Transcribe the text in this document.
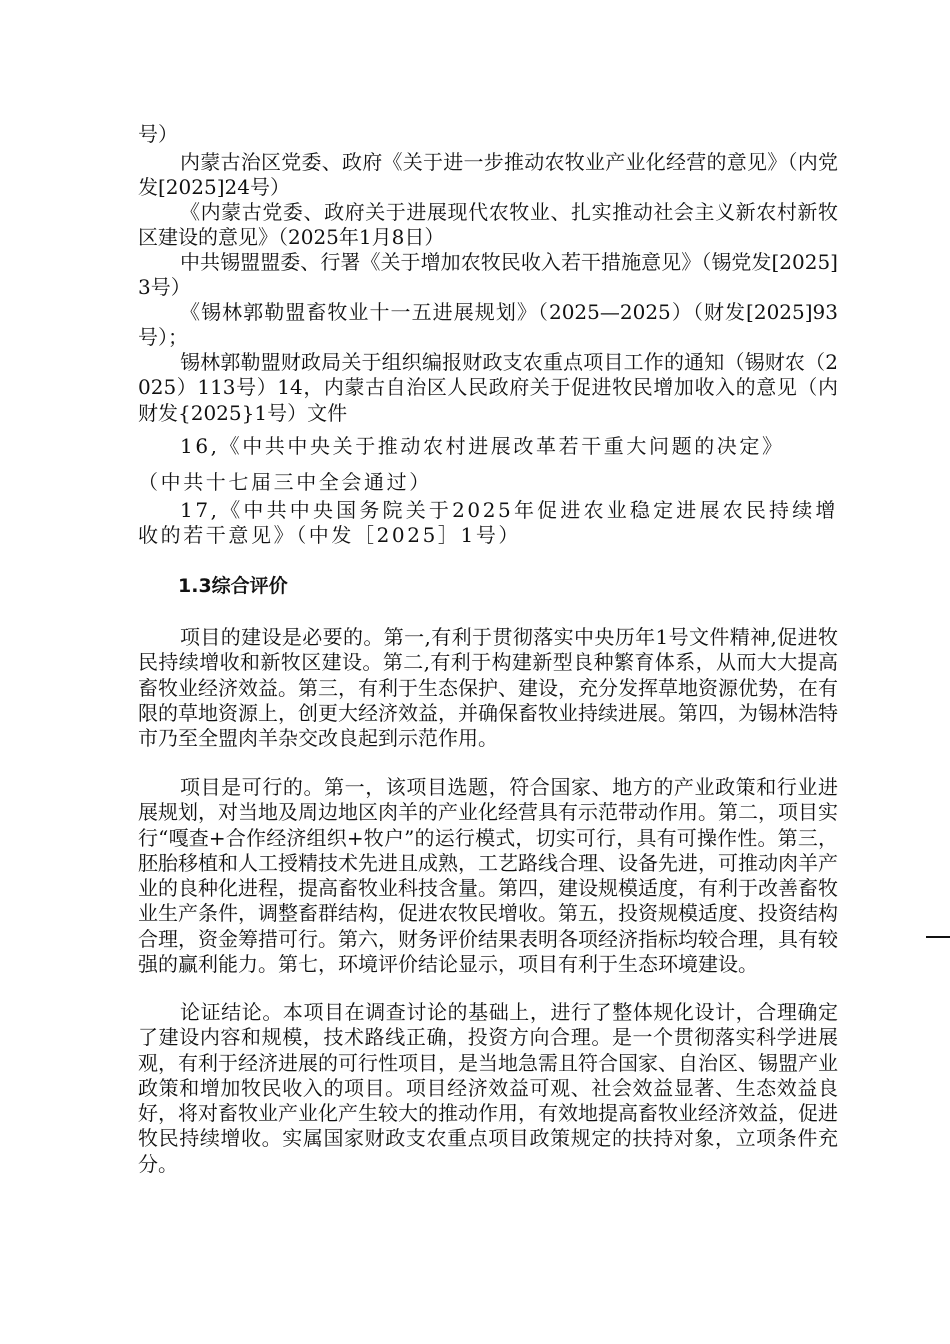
号）

内蒙古治区党委、政府《关于进一步推动农牧业产业化经营的意见》（内党发[2025]24号）

《内蒙古党委、政府关于进展现代农牧业、扎实推动社会主义新农村新牧区建设的意见》（2025年1月8日）

中共锡盟盟委、行署《关于增加农牧民收入若干措施意见》（锡党发[2025]3号）

《锡林郭勒盟畜牧业十一五进展规划》（2025—2025）（财发[2025]93号）；

锡林郭勒盟财政局关于组织编报财政支农重点项目工作的通知（锡财农（2025）113号）14，内蒙古自治区人民政府关于促进牧民增加收入的意见（内财发{2025}1号）文件

16,《中共中央关于推动农村进展改革若干重大问题的决定》

（中共十七届三中全会通过）

17,《中共中央国务院关于2025年促进农业稳定进展农民持续增收的若干意见》（中发［2025］1号）

1.3综合评价

项目的建设是必要的。第一,有利于贯彻落实中央历年1号文件精神,促进牧民持续增收和新牧区建设。第二,有利于构建新型良种繁育体系，从而大大提高畜牧业经济效益。第三，有利于生态保护、建设，充分发挥草地资源优势，在有限的草地资源上，创更大经济效益，并确保畜牧业持续进展。第四，为锡林浩特市乃至全盟肉羊杂交改良起到示范作用。

项目是可行的。第一，该项目选题，符合国家、地方的产业政策和行业进展规划，对当地及周边地区肉羊的产业化经营具有示范带动作用。第二，项目实行“嘎查+合作经济组织+牧户”的运行模式，切实可行，具有可操作性。第三，胚胎移植和人工授精技术先进且成熟，工艺路线合理、设备先进，可推动肉羊产业的良种化进程，提高畜牧业科技含量。第四，建设规模适度，有利于改善畜牧业生产条件，调整畜群结构，促进农牧民增收。第五，投资规模适度、投资结构合理，资金筹措可行。第六，财务评价结果表明各项经济指标均较合理，具有较强的赢利能力。第七，环境评价结论显示，项目有利于生态环境建设。

论证结论。本项目在调查讨论的基础上，进行了整体规化设计，合理确定了建设内容和规模，技术路线正确，投资方向合理。是一个贯彻落实科学进展观，有利于经济进展的可行性项目，是当地急需且符合国家、自治区、锡盟产业政策和增加牧民收入的项目。项目经济效益可观、社会效益显著、生态效益良好，将对畜牧业产业化产生较大的推动作用，有效地提高畜牧业经济效益，促进牧民持续增收。实属国家财政支农重点项目政策规定的扶持对象，立项条件充分。
